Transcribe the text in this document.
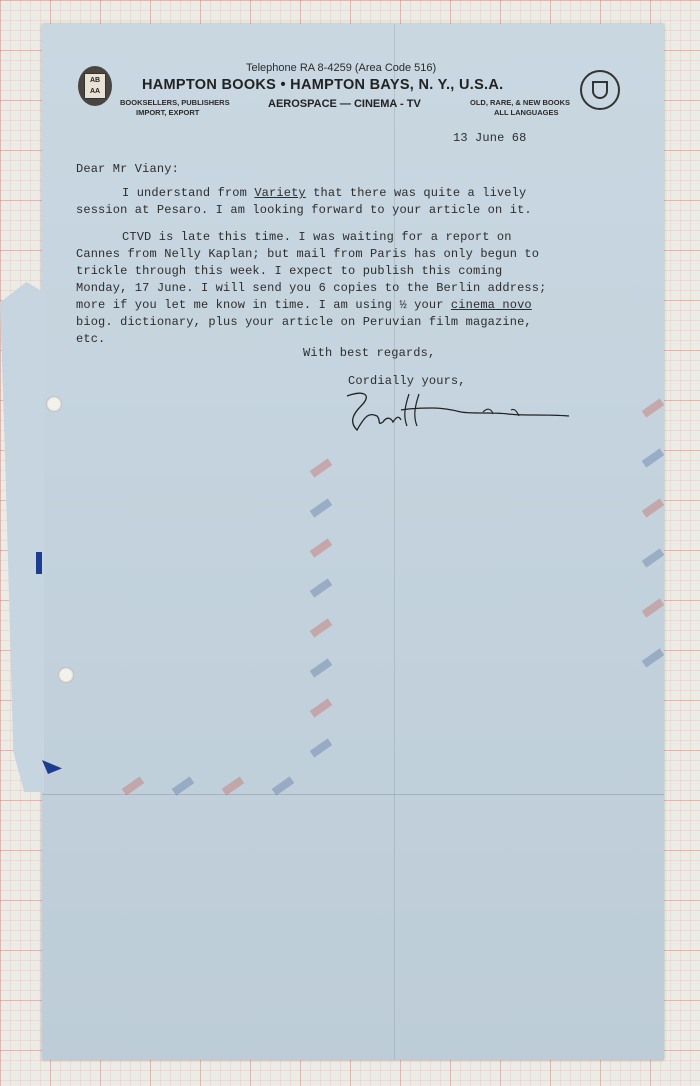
AB
AA
Telephone RA 8-4259 (Area Code 516)
HAMPTON BOOKS • HAMPTON BAYS, N. Y., U.S.A.
BOOKSELLERS, PUBLISHERS
IMPORT, EXPORT
AEROSPACE — CINEMA - TV	OLD, RARE, & NEW BOOKS
ALL LANGUAGES
13 June 68
Dear Mr Viany:
I understand from Variety that there was quite a lively
session at Pesaro. I am looking forward to your article on it.
CTVD is late this time. I was waiting for a report on
Cannes from Nelly Kaplan; but mail from Paris has only begun to
trickle through this week. I expect to publish this coming
Monday, 17 June. I will send you 6 copies to the Berlin address;
more if you let me know in time. I am using ½ your cinema novo
biog. dictionary, plus your article on Peruvian film magazine,
etc.
With best regards,
Cordially yours,
